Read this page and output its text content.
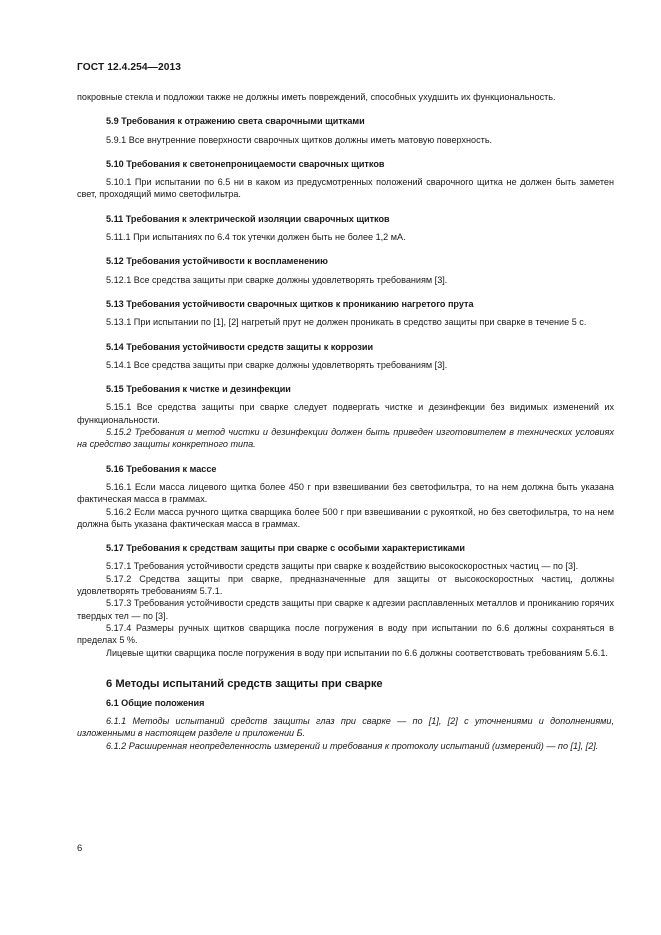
ГОСТ 12.4.254—2013

покровные стекла и подложки также не должны иметь повреждений, способных ухудшить их функциональность.

5.9 Требования к отражению света сварочными щитками

5.9.1 Все внутренние поверхности сварочных щитков должны иметь матовую поверхность.

5.10 Требования к светонепроницаемости сварочных щитков

5.10.1 При испытании по 6.5 ни в каком из предусмотренных положений сварочного щитка не должен быть заметен свет, проходящий мимо светофильтра.

5.11 Требования к электрической изоляции сварочных щитков

5.11.1 При испытаниях по 6.4 ток утечки должен быть не более 1,2 мА.

5.12 Требования устойчивости к воспламенению

5.12.1 Все средства защиты при сварке должны удовлетворять требованиям [3].

5.13 Требования устойчивости сварочных щитков к прониканию нагретого прута

5.13.1 При испытании по [1], [2] нагретый прут не должен проникать в средство защиты при сварке в течение 5 с.

5.14 Требования устойчивости средств защиты к коррозии

5.14.1 Все средства защиты при сварке должны удовлетворять требованиям [3].

5.15 Требования к чистке и дезинфекции

5.15.1 Все средства защиты при сварке следует подвергать чистке и дезинфекции без видимых изменений их функциональности.

5.15.2 Требования и метод чистки и дезинфекции должен быть приведен изготовителем в технических условиях на средство защиты конкретного типа.

5.16 Требования к массе

5.16.1 Если масса лицевого щитка более 450 г при взвешивании без светофильтра, то на нем должна быть указана фактическая масса в граммах.

5.16.2 Если масса ручного щитка сварщика более 500 г при взвешивании с рукояткой, но без светофильтра, то на нем должна быть указана фактическая масса в граммах.

5.17 Требования к средствам защиты при сварке с особыми характеристиками

5.17.1 Требования устойчивости средств защиты при сварке к воздействию высокоскоростных частиц — по [3].

5.17.2 Средства защиты при сварке, предназначенные для защиты от высокоскоростных частиц, должны удовлетворять требованиям 5.7.1.

5.17.3 Требования устойчивости средств защиты при сварке к адгезии расплавленных металлов и прониканию горячих твердых тел — по [3].

5.17.4 Размеры ручных щитков сварщика после погружения в воду при испытании по 6.6 должны сохраняться в пределах 5 %.

Лицевые щитки сварщика после погружения в воду при испытании по 6.6 должны соответствовать требованиям 5.6.1.

6 Методы испытаний средств защиты при сварке

6.1 Общие положения

6.1.1 Методы испытаний средств защиты глаз при сварке — по [1], [2] с уточнениями и дополнениями, изложенными в настоящем разделе и приложении Б.

6.1.2 Расширенная неопределенность измерений и требования к протоколу испытаний (измерений) — по [1], [2].

6
